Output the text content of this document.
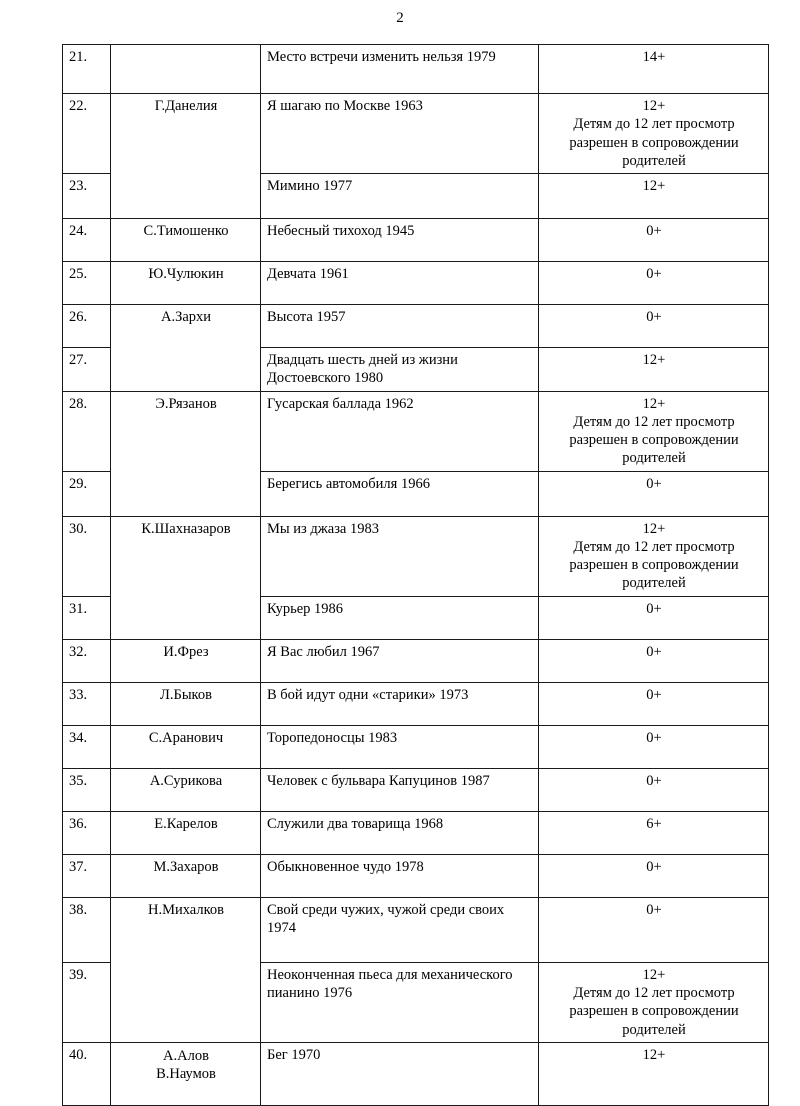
2
21.		Место встречи изменить нельзя 1979	14+

22.	Г.Данелия	Я шагаю по Москве 1963	12+
Детям до 12 лет просмотр разрешен в сопровождении родителей

23.		Мимино 1977	12+

24.	С.Тимошенко	Небесный тихоход 1945	0+

25.	Ю.Чулюкин	Девчата 1961	0+

26.	А.Зархи	Высота 1957	0+

27.		Двадцать шесть дней из жизни Достоевского 1980	12+

28.	Э.Рязанов	Гусарская баллада 1962	12+
Детям до 12 лет просмотр разрешен в сопровождении родителей

29.		Берегись автомобиля 1966	0+

30.	К.Шахназаров	Мы из джаза 1983	12+
Детям до 12 лет просмотр разрешен в сопровождении родителей

31.		Курьер 1986	0+

32.	И.Фрез	Я Вас любил 1967	0+

33.	Л.Быков	В бой идут одни «старики» 1973	0+

34.	С.Аранович	Торопедоносцы 1983	0+

35.	А.Сурикова	Человек с бульвара Капуцинов 1987	0+

36.	Е.Карелов	Служили два товарища 1968	6+

37.	М.Захаров	Обыкновенное чудо 1978	0+

38.	Н.Михалков	Свой среди чужих, чужой среди своих 1974	0+

39.		Неоконченная пьеса для механического пианино 1976	12+
Детям до 12 лет просмотр разрешен в сопровождении родителей

40.	А.Алов
В.Наумов	Бег 1970	12+
